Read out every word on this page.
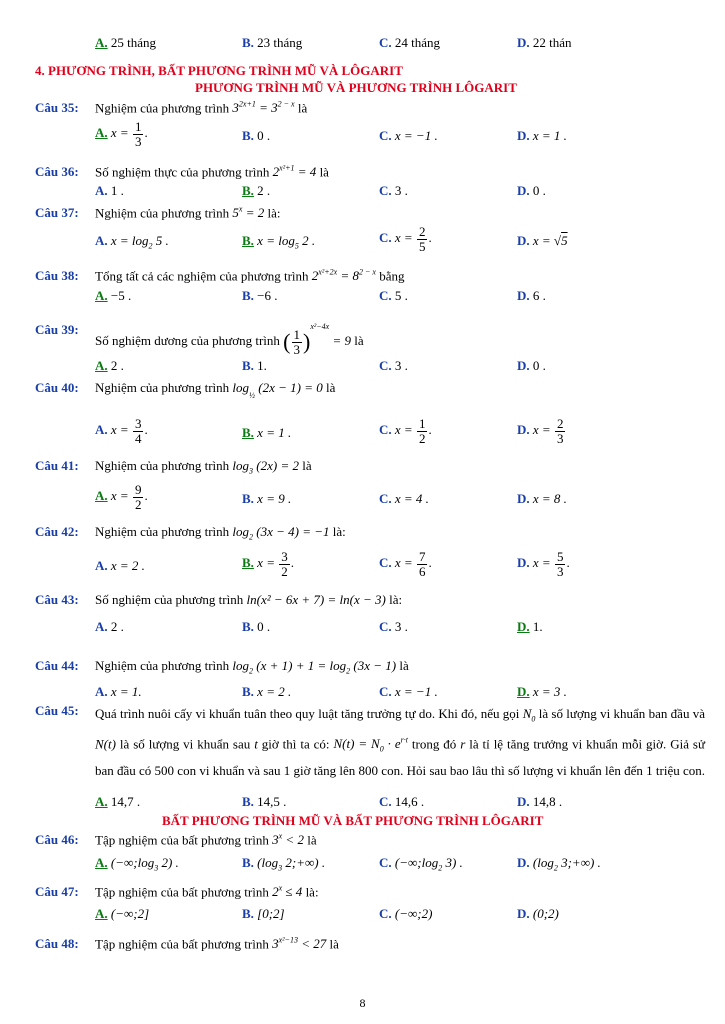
A. 25 tháng	B. 23 tháng	C. 24 tháng	D. 22 thán
4. PHƯƠNG TRÌNH, BẤT PHƯƠNG TRÌNH MŨ VÀ LÔGARIT
PHƯƠNG TRÌNH MŨ VÀ PHƯƠNG TRÌNH LÔGARIT
Câu 35: Nghiệm của phương trình $3^{2x+1} = 3^{2 - x}$ là
A. $x = \frac{1}{3}$ .	B. 0 .	C. x = −1 .	D. x = 1 .
Câu 36: Số nghiệm thực của phương trình $2^{x^2+1} = 4$ là
A. 1 .	B. 2 .	C. 3 .	D. 0 .
Câu 37: Nghiệm của phương trình $5^x = 2$ là:
A. $x = \log_2 5$ .	B. $x = \log_5 2$ .	C. $x = \frac{2}{5}$ .	D. x = √5
Câu 38: Tổng tất cả các nghiệm của phương trình $2^{x^2+2x} = 8^{2 - x}$ bằng
A. −5 .	B. −6 .	C. 5 .	D. 6 .
Câu 39:
Số nghiệm dương của phương trình ( $\frac{1}{3} )^{x^2-4x} = 9$ là
A. 2 .	B. 1.	C. 3 .	D. 0 .
Câu 40: Nghiệm của phương trình $\log_{\frac{1}{2}} (2x - 1) = 0$ là
A. $x = \frac{3}{4}$ .	B. x = 1 .	C. $x = \frac{1}{2}$ .	D. $x = \frac{2}{3}$
Câu 41: Nghiệm của phương trình $\log_3 (2x) = 2$ là
A. $x = \frac{9}{2}$ .	B. x = 9 .	C. x = 4 .	D. x = 8 .
Câu 42: Nghiệm của phương trình $\log_2 (3x - 4) = -1$ là:
A. x = 2 .	B. $x = \frac{3}{2}$ .	C. $x = \frac{7}{6}$ .	D. $x = \frac{5}{3}$ .
Câu 43: Số nghiệm của phương trình ln(x² − 6x + 7) = ln(x − 3) là:
A. 2 .	B. 0 .	C. 3 .	D. 1.
Câu 44: Nghiệm của phương trình $\log_2 (x + 1) + 1 = \log_2 (3x - 1)$ là
A. x = 1.	B. x = 2 .	C. x = −1 .	D. x = 3 .
Câu 45: Quá trình nuôi cấy vi khuẩn tuân theo quy luật tăng trưởng tự do. Khi đó, nếu gọi $N_0$ là số lượng vi khuẩn ban đầu và N(t) là số lượng vi khuẩn sau t giờ thì ta có: $N(t) = N_0 \cdot e^{r\cdot t}$ trong đó r là tỉ lệ tăng trưởng vi khuẩn mỗi giờ. Giả sử ban đầu có 500 con vi khuẩn và sau 1 giờ tăng lên 800 con. Hỏi sau bao lâu thì số lượng vi khuẩn lên đến 1 triệu con.
A. 14,7 .	B. 14,5 .	C. 14,6 .	D. 14,8 .
BẤT PHƯƠNG TRÌNH MŨ VÀ BẤT PHƯƠNG TRÌNH LÔGARIT
Câu 46: Tập nghiệm của bất phương trình $3^x < 2$ là
A. ($-\infty;\log_3$ 2) .	B. ($\log_3$ 2;+∞) .	C. ($-\infty;\log_2$ 3) .	D. ($\log_2$ 3;+∞) .
Câu 47: Tập nghiệm của bất phương trình $2^x \le 4$ là:
A. (−∞;2]	B. [0;2]	C. (−∞;2)	D. (0;2)
Câu 48: Tập nghiệm của bất phương trình $3^{x^2-13} < 27$ là
8
